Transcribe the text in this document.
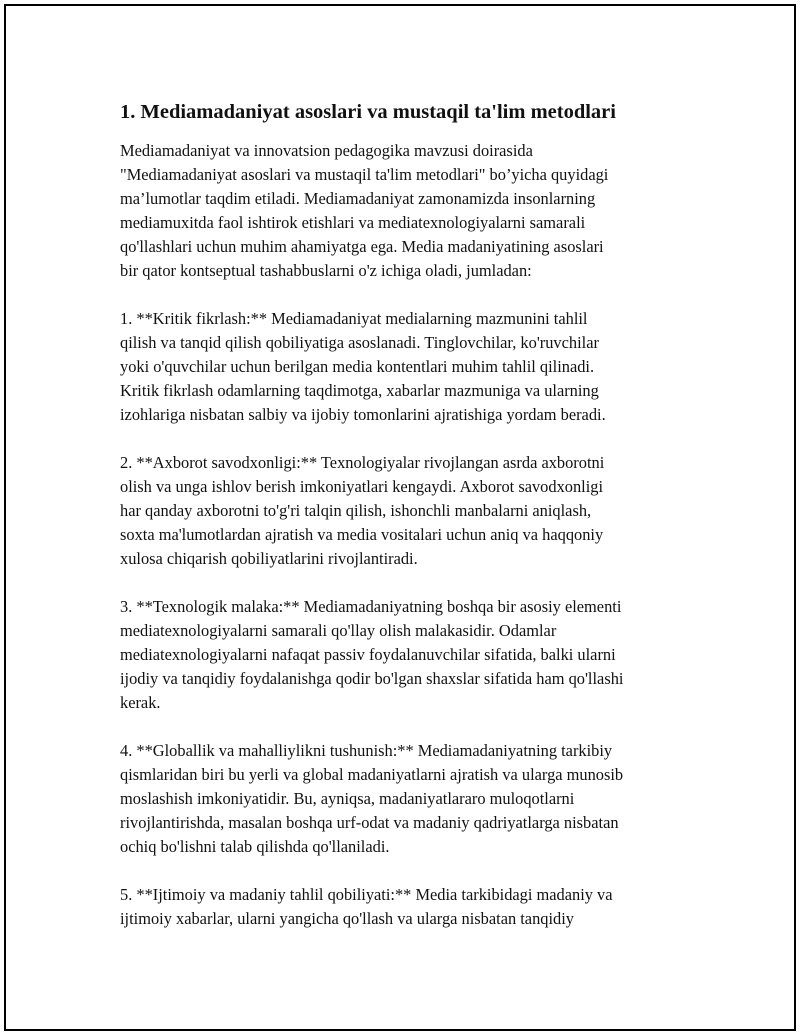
1. Mediamadaniyat asoslari va mustaqil ta'lim metodlari

Mediamadaniyat va innovatsion pedagogika mavzusi doirasida
"Mediamadaniyat asoslari va mustaqil ta'lim metodlari" bo’yicha quyidagi
ma’lumotlar taqdim etiladi. Mediamadaniyat zamonamizda insonlarning
mediamuxitda faol ishtirok etishlari va mediatexnologiyalarni samarali
qo'llashlari uchun muhim ahamiyatga ega. Media madaniyatining asoslari
bir qator kontseptual tashabbuslarni o'z ichiga oladi, jumladan:

1. **Kritik fikrlash:** Mediamadaniyat medialarning mazmunini tahlil
qilish va tanqid qilish qobiliyatiga asoslanadi. Tinglovchilar, ko'ruvchilar
yoki o'quvchilar uchun berilgan media kontentlari muhim tahlil qilinadi.
Kritik fikrlash odamlarning taqdimotga, xabarlar mazmuniga va ularning
izohlariga nisbatan salbiy va ijobiy tomonlarini ajratishiga yordam beradi.

2. **Axborot savodxonligi:** Texnologiyalar rivojlangan asrda axborotni
olish va unga ishlov berish imkoniyatlari kengaydi. Axborot savodxonligi
har qanday axborotni to'g'ri talqin qilish, ishonchli manbalarni aniqlash,
soxta ma'lumotlardan ajratish va media vositalari uchun aniq va haqqoniy
xulosa chiqarish qobiliyatlarini rivojlantiradi.

3. **Texnologik malaka:** Mediamadaniyatning boshqa bir asosiy elementi
mediatexnologiyalarni samarali qo'llay olish malakasidir. Odamlar
mediatexnologiyalarni nafaqat passiv foydalanuvchilar sifatida, balki ularni
ijodiy va tanqidiy foydalanishga qodir bo'lgan shaxslar sifatida ham qo'llashi
kerak.

4. **Globallik va mahalliylikni tushunish:** Mediamadaniyatning tarkibiy
qismlaridan biri bu yerli va global madaniyatlarni ajratish va ularga munosib
moslashish imkoniyatidir. Bu, ayniqsa, madaniyatlararo muloqotlarni
rivojlantirishda, masalan boshqa urf-odat va madaniy qadriyatlarga nisbatan
ochiq bo'lishni talab qilishda qo'llaniladi.

5. **Ijtimoiy va madaniy tahlil qobiliyati:** Media tarkibidagi madaniy va
ijtimoiy xabarlar, ularni yangicha qo'llash va ularga nisbatan tanqidiy
